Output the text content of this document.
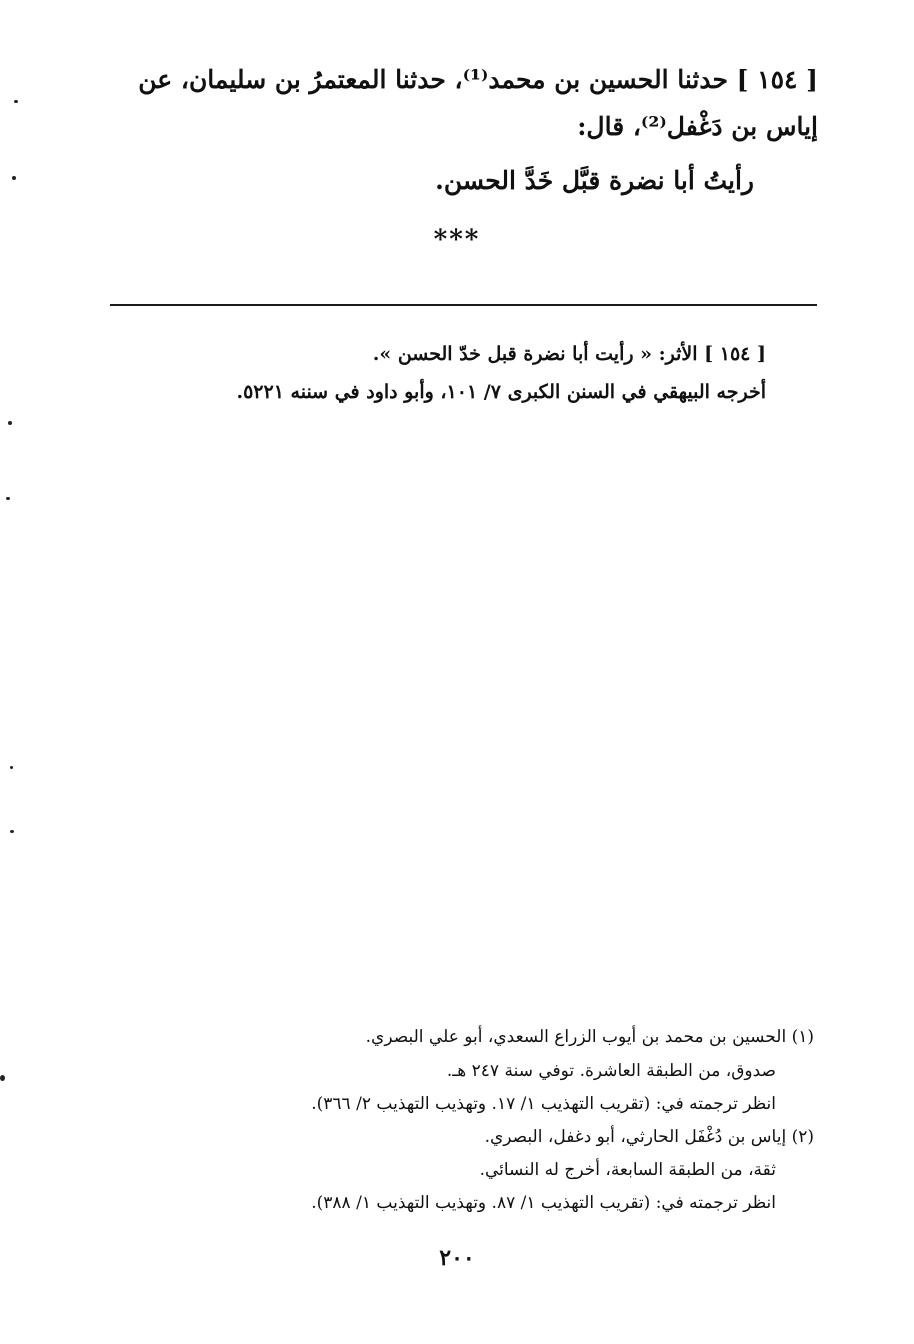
[ ١٥٤ ] حدثنا الحسين بن محمد⁽¹⁾، حدثنا المعتمرُ بن سليمان، عن
إياس بن دَغْفل⁽²⁾، قال:
رأيتُ أبا نضرة قبَّل خَدَّ الحسن.
***
[ ١٥٤ ] الأثر: « رأيت أبا نضرة قبل خدّ الحسن ».
أخرجه البيهقي في السنن الكبرى ٧/ ١٠١، وأبو داود في سننه ٥٢٢١.
(١) الحسين بن محمد بن أيوب الزراع السعدي، أبو علي البصري.
صدوق، من الطبقة العاشرة. توفي سنة ٢٤٧ هـ.
انظر ترجمته في: (تقريب التهذيب ١/ ١٧. وتهذيب التهذيب ٢/ ٣٦٦).
(٢) إياس بن دُغْفَل الحارثي، أبو دغفل، البصري.
ثقة، من الطبقة السابعة، أخرج له النسائي.
انظر ترجمته في: (تقريب التهذيب ١/ ٨٧. وتهذيب التهذيب ١/ ٣٨٨).
٢٠٠
